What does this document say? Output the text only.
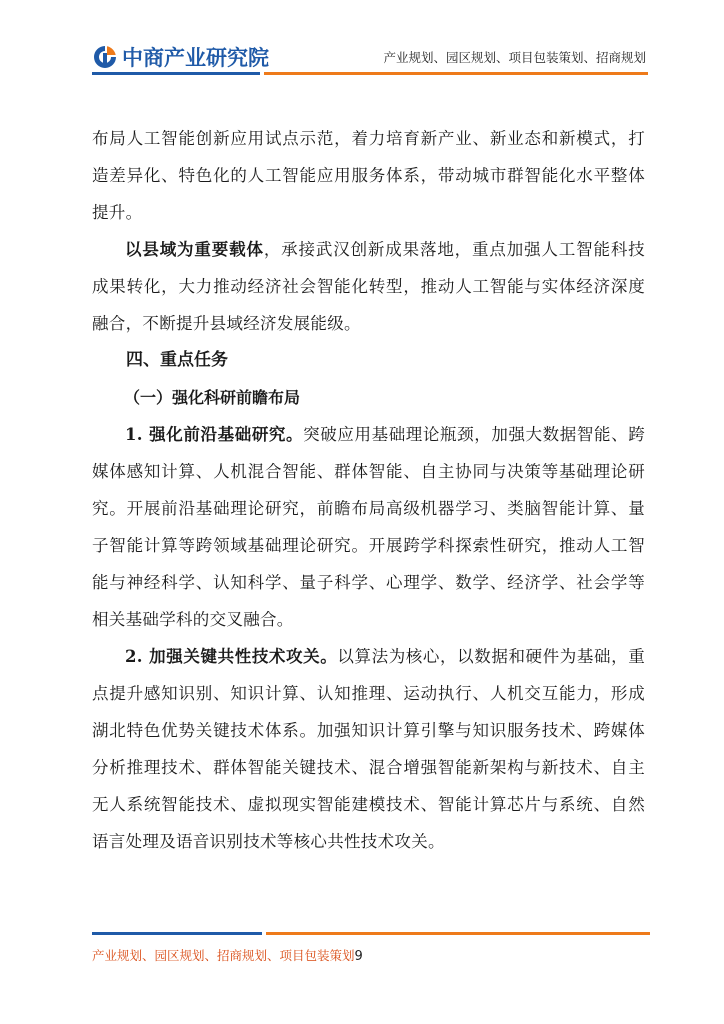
中商产业研究院	产业规划、园区规划、项目包装策划、招商规划

布局人工智能创新应用试点示范，着力培育新产业、新业态和新模式，打造差异化、特色化的人工智能应用服务体系，带动城市群智能化水平整体提升。

以县域为重要载体，承接武汉创新成果落地，重点加强人工智能科技成果转化，大力推动经济社会智能化转型，推动人工智能与实体经济深度融合，不断提升县域经济发展能级。

四、重点任务
（一）强化科研前瞻布局

1. 强化前沿基础研究。突破应用基础理论瓶颈，加强大数据智能、跨媒体感知计算、人机混合智能、群体智能、自主协同与决策等基础理论研究。开展前沿基础理论研究，前瞻布局高级机器学习、类脑智能计算、量子智能计算等跨领域基础理论研究。开展跨学科探索性研究，推动人工智能与神经科学、认知科学、量子科学、心理学、数学、经济学、社会学等相关基础学科的交叉融合。

2. 加强关键共性技术攻关。以算法为核心，以数据和硬件为基础，重点提升感知识别、知识计算、认知推理、运动执行、人机交互能力，形成湖北特色优势关键技术体系。加强知识计算引擎与知识服务技术、跨媒体分析推理技术、群体智能关键技术、混合增强智能新架构与新技术、自主无人系统智能技术、虚拟现实智能建模技术、智能计算芯片与系统、自然语言处理及语音识别技术等核心共性技术攻关。

产业规划、园区规划、招商规划、项目包装策划9
